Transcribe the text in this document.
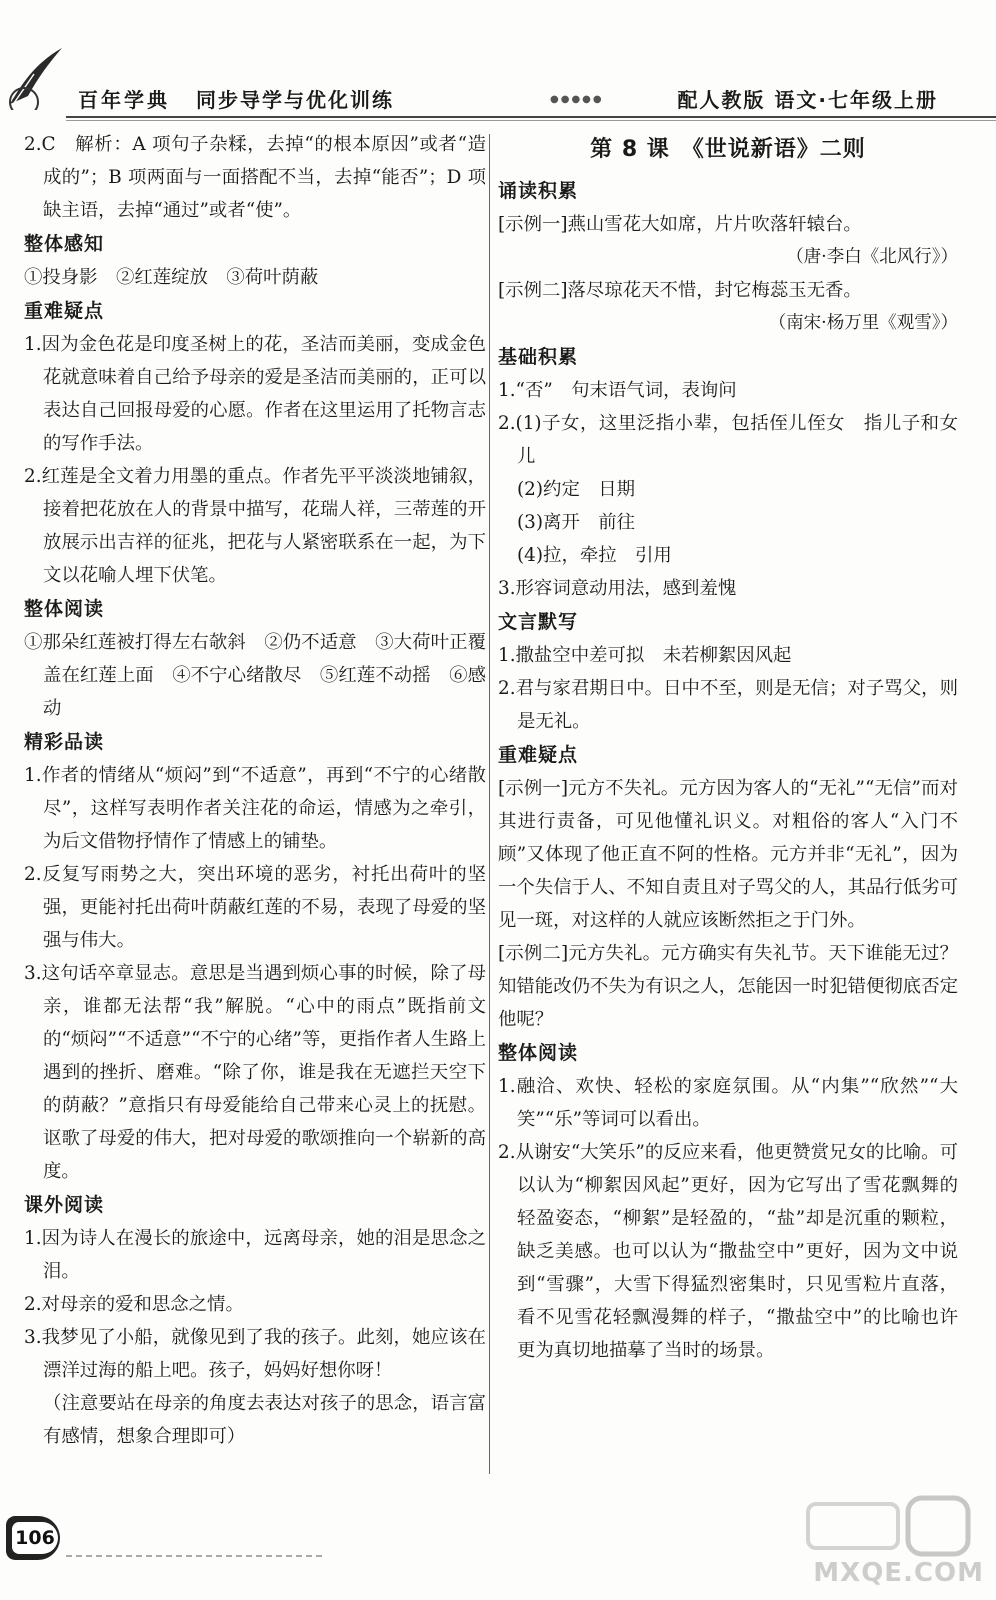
百年学典 同步导学与优化训练	●●●●●	配人教版 语文·七年级上册
2.C　解析：A 项句子杂糅，去掉“的根本原因”或者“造成的”；B 项两面与一面搭配不当，去掉“能否”；D 项缺主语，去掉“通过”或者“使”。
整体感知
①投身影　②红莲绽放　③荷叶荫蔽
重难疑点
1.因为金色花是印度圣树上的花，圣洁而美丽，变成金色花就意味着自己给予母亲的爱是圣洁而美丽的，正可以表达自己回报母爱的心愿。作者在这里运用了托物言志的写作手法。
2.红莲是全文着力用墨的重点。作者先平平淡淡地铺叙，接着把花放在人的背景中描写，花瑞人祥，三蒂莲的开放展示出吉祥的征兆，把花与人紧密联系在一起，为下文以花喻人埋下伏笔。
整体阅读
①那朵红莲被打得左右欹斜　②仍不适意　③大荷叶正覆盖在红莲上面　④不宁心绪散尽　⑤红莲不动摇　⑥感动
精彩品读
1.作者的情绪从“烦闷”到“不适意”，再到“不宁的心绪散尽”，这样写表明作者关注花的命运，情感为之牵引，为后文借物抒情作了情感上的铺垫。
2.反复写雨势之大，突出环境的恶劣，衬托出荷叶的坚强，更能衬托出荷叶荫蔽红莲的不易，表现了母爱的坚强与伟大。
3.这句话卒章显志。意思是当遇到烦心事的时候，除了母亲，谁都无法帮“我”解脱。“心中的雨点”既指前文的“烦闷”“不适意”“不宁的心绪”等，更指作者人生路上遇到的挫折、磨难。“除了你，谁是我在无遮拦天空下的荫蔽？”意指只有母爱能给自己带来心灵上的抚慰。讴歌了母爱的伟大，把对母爱的歌颂推向一个崭新的高度。
课外阅读
1.因为诗人在漫长的旅途中，远离母亲，她的泪是思念之泪。
2.对母亲的爱和思念之情。
3.我梦见了小船，就像见到了我的孩子。此刻，她应该在漂洋过海的船上吧。孩子，妈妈好想你呀！
（注意要站在母亲的角度去表达对孩子的思念，语言富有感情，想象合理即可）
第 8 课　《世说新语》二则
诵读积累
[示例一]燕山雪花大如席，片片吹落轩辕台。
（唐·李白《北风行》）
[示例二]落尽琼花天不惜，封它梅蕊玉无香。
（南宋·杨万里《观雪》）
基础积累
1.“否”　句末语气词，表询问
2.(1)子女，这里泛指小辈，包括侄儿侄女　指儿子和女儿
(2)约定　日期
(3)离开　前往
(4)拉，牵拉　引用
3.形容词意动用法，感到羞愧
文言默写
1.撒盐空中差可拟　未若柳絮因风起
2.君与家君期日中。日中不至，则是无信；对子骂父，则是无礼。
重难疑点
[示例一]元方不失礼。元方因为客人的“无礼”“无信”而对其进行责备，可见他懂礼识义。对粗俗的客人“入门不顾”又体现了他正直不阿的性格。元方并非“无礼”，因为一个失信于人、不知自责且对子骂父的人，其品行低劣可见一斑，对这样的人就应该断然拒之于门外。
[示例二]元方失礼。元方确实有失礼节。天下谁能无过？知错能改仍不失为有识之人，怎能因一时犯错便彻底否定他呢？
整体阅读
1.融洽、欢快、轻松的家庭氛围。从“内集”“欣然”“大笑”“乐”等词可以看出。
2.从谢安“大笑乐”的反应来看，他更赞赏兄女的比喻。可以认为“柳絮因风起”更好，因为它写出了雪花飘舞的轻盈姿态，“柳絮”是轻盈的，“盐”却是沉重的颗粒，缺乏美感。也可以认为“撒盐空中”更好，因为文中说到“雪骤”，大雪下得猛烈密集时，只见雪粒片直落，看不见雪花轻飘漫舞的样子，“撒盐空中”的比喻也许更为真切地描摹了当时的场景。
106
MXQE.COM
